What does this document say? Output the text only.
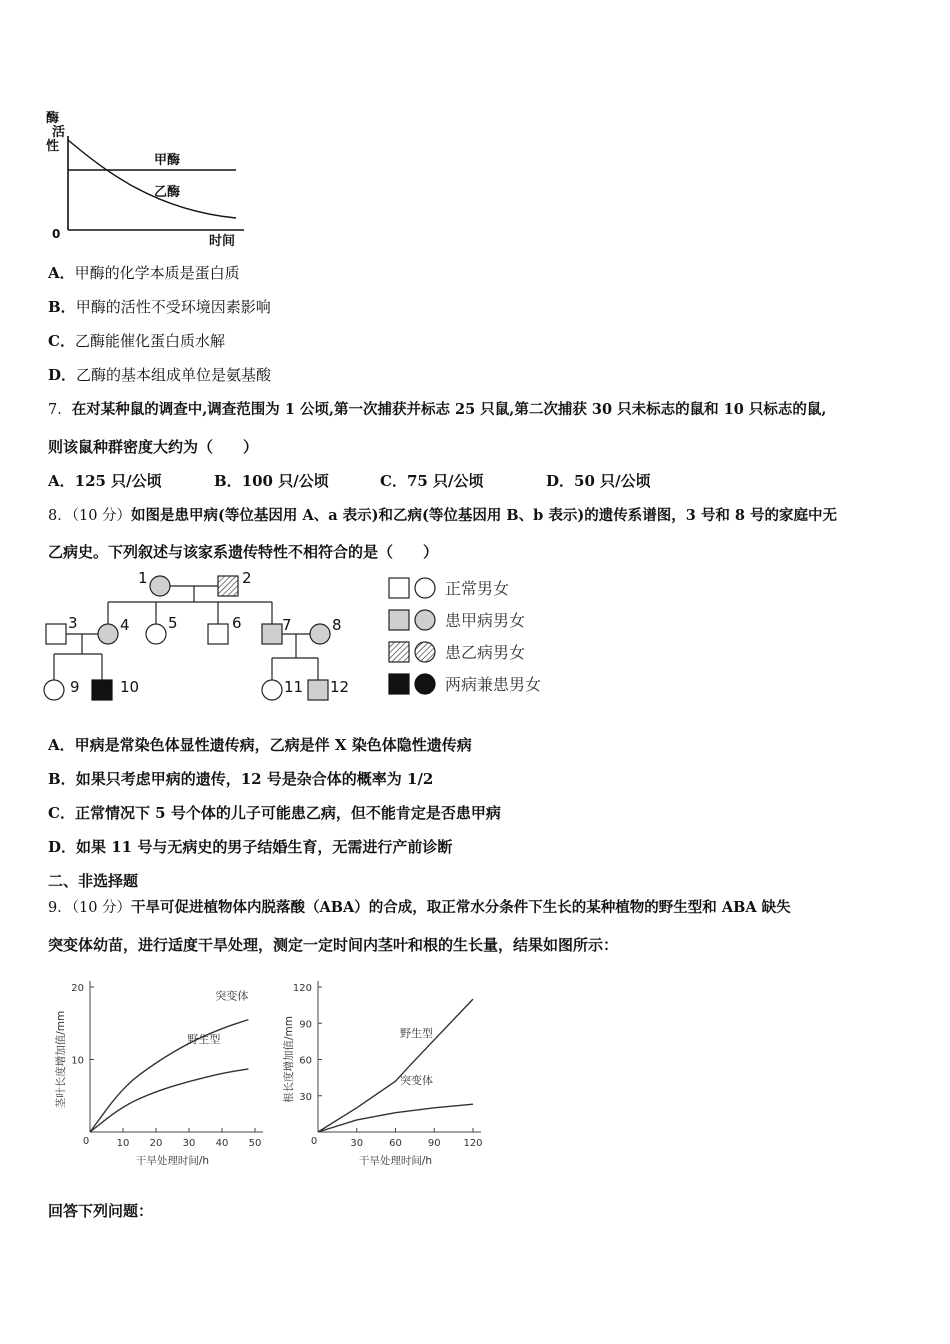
酶
活
性
0	时间
甲酶
乙酶
A．甲酶的化学本质是蛋白质
B．甲酶的活性不受环境因素影响
C．乙酶能催化蛋白质水解
D．乙酶的基本组成单位是氨基酸
7．在对某种鼠的调查中,调查范围为 1 公顷,第一次捕获并标志 25 只鼠,第二次捕获 30 只未标志的鼠和 10 只标志的鼠,
则该鼠种群密度大约为（　　）
A．125 只/公顷	B．100 只/公顷	C．75 只/公顷	D．50 只/公顷
8．（10 分）如图是患甲病(等位基因用 A、a 表示)和乙病(等位基因用 B、b 表示)的遗传系谱图，3 号和 8 号的家庭中无
乙病史。下列叙述与该家系遗传特性不相符合的是（　　）
1	2
3	4	5	6	7	8
9	10	11 12
正常男女
患甲病男女
患乙病男女
两病兼患男女
A．甲病是常染色体显性遗传病，乙病是伴 X 染色体隐性遗传病
B．如果只考虑甲病的遗传，12 号是杂合体的概率为 1/2
C．正常情况下 5 号个体的儿子可能患乙病，但不能肯定是否患甲病
D．如果 11 号与无病史的男子结婚生育，无需进行产前诊断
二、非选择题
9．（10 分）干旱可促进植物体内脱落酸（ABA）的合成，取正常水分条件下生长的某种植物的野生型和 ABA 缺失
突变体幼苗，进行适度干旱处理，测定一定时间内茎叶和根的生长量，结果如图所示：
10 20 30 40 50
0
10
20
干旱处理时间/h
茎叶长度增加值/mm
突变体
野生型
30	60	90 120
0
30
60
90
120
干旱处理时间/h
根长度增加值/mm	野生型
突变体
回答下列问题：
